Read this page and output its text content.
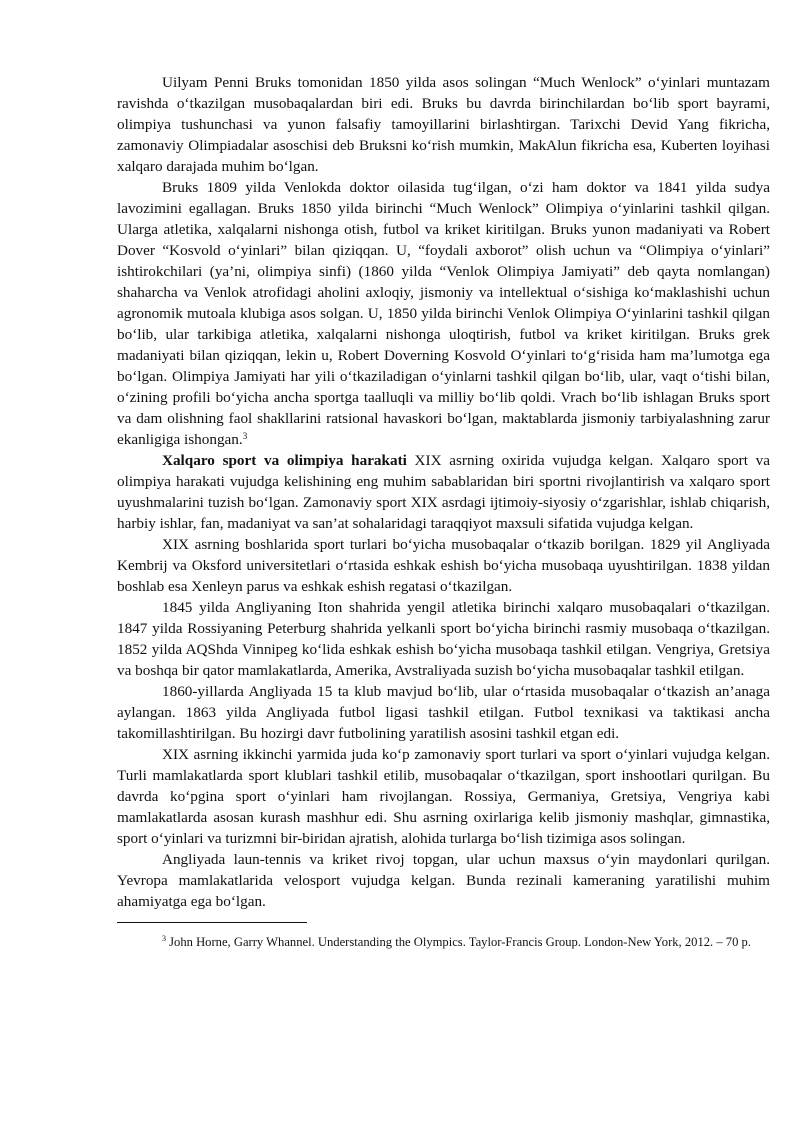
Uilyam Penni Bruks tomonidan 1850 yilda asos solingan “Much Wenlock” o‘yinlari muntazam ravishda o‘tkazilgan musobaqalardan biri edi. Bruks bu davrda birinchilardan bo‘lib sport bayrami, olimpiya tushunchasi va yunon falsafiy tamoyillarini birlashtirgan. Tarixchi Devid Yang fikricha, zamonaviy Olimpiadalar asoschisi deb Bruksni ko‘rish mumkin, MakAlun fikricha esa, Kuberten loyihasi xalqaro darajada muhim bo‘lgan.

Bruks 1809 yilda Venlokda doktor oilasida tug‘ilgan, o‘zi ham doktor va 1841 yilda sudya lavozimini egallagan. Bruks 1850 yilda birinchi “Much Wenlock” Olimpiya o‘yinlarini tashkil qilgan. Ularga atletika, xalqalarni nishonga otish, futbol va kriket kiritilgan. Bruks yunon madaniyati va Robert Dover “Kosvold o‘yinlari” bilan qiziqqan. U, “foydali axborot” olish uchun va “Olimpiya o‘yinlari” ishtirokchilari (ya’ni, olimpiya sinfi) (1860 yilda “Venlok Olimpiya Jamiyati” deb qayta nomlangan) shaharcha va Venlok atrofidagi aholini axloqiy, jismoniy va intellektual o‘sishiga ko‘maklashishi uchun agronomik mutoala klubiga asos solgan. U, 1850 yilda birinchi Venlok Olimpiya O‘yinlarini tashkil qilgan bo‘lib, ular tarkibiga atletika, xalqalarni nishonga uloqtirish, futbol va kriket kiritilgan. Bruks grek madaniyati bilan qiziqqan, lekin u, Robert Doverning Kosvold O‘yinlari to‘g‘risida ham ma’lumotga ega bo‘lgan. Olimpiya Jamiyati har yili o‘tkaziladigan o‘yinlarni tashkil qilgan bo‘lib, ular, vaqt o‘tishi bilan, o‘zining profili bo‘yicha ancha sportga taalluqli va milliy bo‘lib qoldi. Vrach bo‘lib ishlagan Bruks sport va dam olishning faol shakllarini ratsional havaskori bo‘lgan, maktablarda jismoniy tarbiyalashning zarur ekanligiga ishongan.$^3$

Xalqaro sport va olimpiya harakati XIX asrning oxirida vujudga kelgan. Xalqaro sport va olimpiya harakati vujudga kelishining eng muhim sabablaridan biri sportni rivojlantirish va xalqaro sport uyushmalarini tuzish bo‘lgan. Zamonaviy sport XIX asrdagi ijtimoiy-siyosiy o‘zgarishlar, ishlab chiqarish, harbiy ishlar, fan, madaniyat va san’at sohalaridagi taraqqiyot maxsuli sifatida vujudga kelgan.

XIX asrning boshlarida sport turlari bo‘yicha musobaqalar o‘tkazib borilgan. 1829 yil Angliyada Kembrij va Oksford universitetlari o‘rtasida eshkak eshish bo‘yicha musobaqa uyushtirilgan. 1838 yildan boshlab esa Xenleyn parus va eshkak eshish regatasi o‘tkazilgan.

1845 yilda Angliyaning Iton shahrida yengil atletika birinchi xalqaro musobaqalari o‘tkazilgan. 1847 yilda Rossiyaning Peterburg shahrida yelkanli sport bo‘yicha birinchi rasmiy musobaqa o‘tkazilgan. 1852 yilda AQShda Vinnipeg ko‘lida eshkak eshish bo‘yicha musobaqa tashkil etilgan. Vengriya, Gretsiya va boshqa bir qator mamlakatlarda, Amerika, Avstraliyada suzish bo‘yicha musobaqalar tashkil etilgan.

1860-yillarda Angliyada 15 ta klub mavjud bo‘lib, ular o‘rtasida musobaqalar o‘tkazish an’anaga aylangan. 1863 yilda Angliyada futbol ligasi tashkil etilgan. Futbol texnikasi va taktikasi ancha takomillashtirilgan. Bu hozirgi davr futbolining yaratilish asosini tashkil etgan edi.

XIX asrning ikkinchi yarmida juda ko‘p zamonaviy sport turlari va sport o‘yinlari vujudga kelgan. Turli mamlakatlarda sport klublari tashkil etilib, musobaqalar o‘tkazilgan, sport inshootlari qurilgan. Bu davrda ko‘pgina sport o‘yinlari ham rivojlangan. Rossiya, Germaniya, Gretsiya, Vengriya kabi mamlakatlarda asosan kurash mashhur edi. Shu asrning oxirlariga kelib jismoniy mashqlar, gimnastika, sport o‘yinlari va turizmni bir-biridan ajratish, alohida turlarga bo‘lish tizimiga asos solingan.

Angliyada laun-tennis va kriket rivoj topgan, ular uchun maxsus o‘yin maydonlari qurilgan. Yevropa mamlakatlarida velosport vujudga kelgan. Bunda rezinali kameraning yaratilishi muhim ahamiyatga ega bo‘lgan.

$^3$ John Horne, Garry Whannel. Understanding the Olympics. Taylor-Francis Group. London-New York, 2012. – 70 p.
